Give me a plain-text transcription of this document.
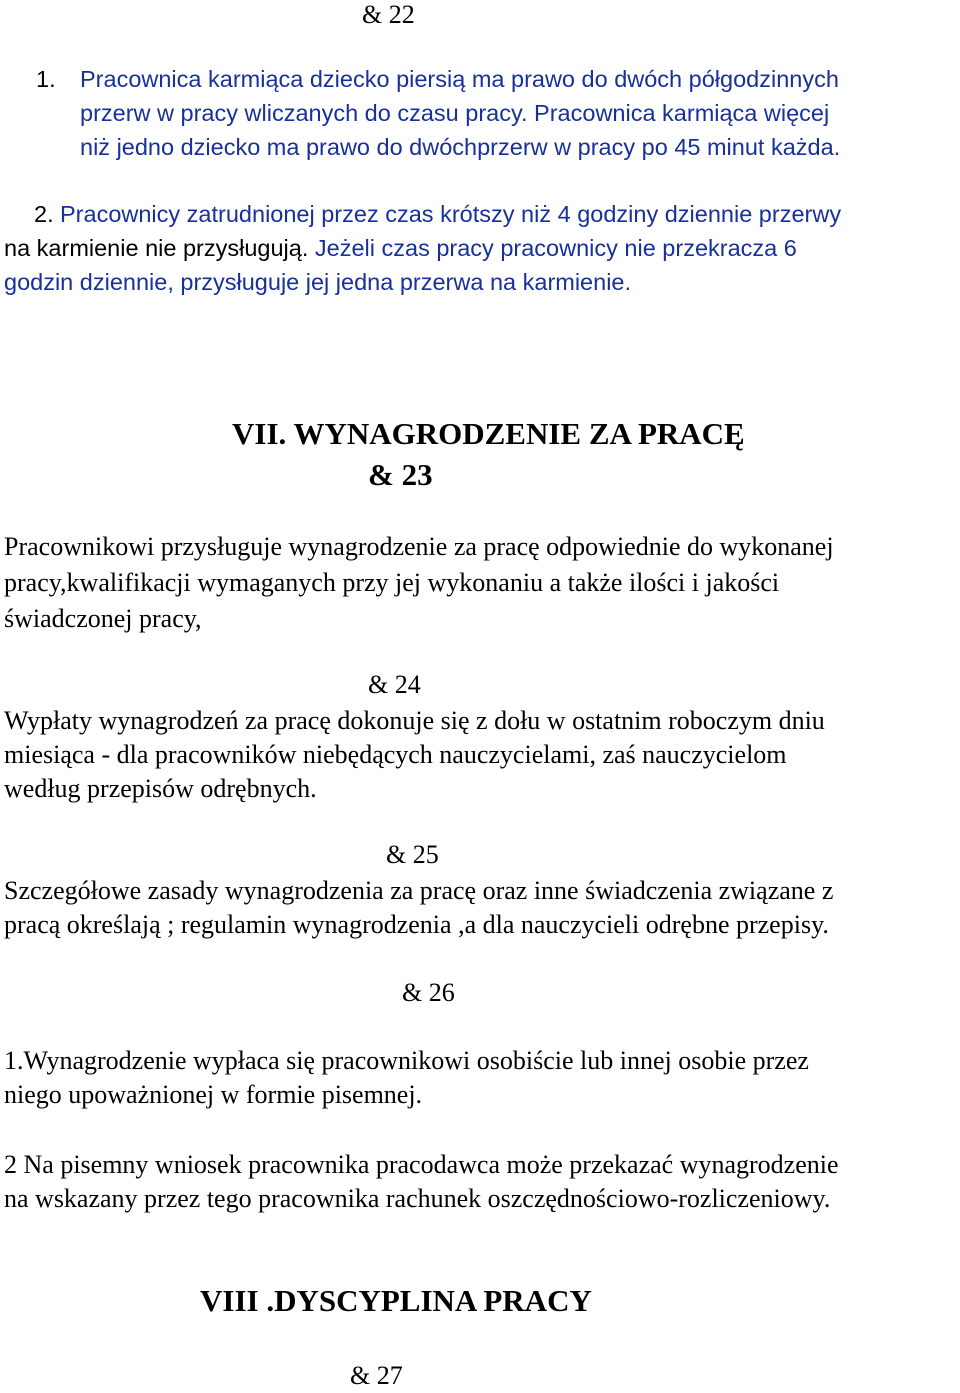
& 22
1. Pracownica karmiąca dziecko piersią ma prawo do dwóch półgodzinnych
przerw w pracy wliczanych do czasu pracy. Pracownica karmiąca więcej
niż jedno dziecko ma prawo do dwóchprzerw w pracy po 45 minut każda.
2. Pracownicy zatrudnionej przez czas krótszy niż 4 godziny dziennie przerwy
na karmienie nie przysługują. Jeżeli czas pracy pracownicy nie przekracza 6
godzin dziennie, przysługuje jej jedna przerwa na karmienie.
VII. WYNAGRODZENIE ZA PRACĘ
& 23
Pracownikowi przysługuje wynagrodzenie za pracę odpowiednie do wykonanej
pracy,kwalifikacji wymaganych przy jej wykonaniu a także ilości i jakości
świadczonej pracy,
& 24
Wypłaty wynagrodzeń za pracę dokonuje się z dołu w ostatnim roboczym dniu
miesiąca - dla pracowników niebędących nauczycielami, zaś nauczycielom
według przepisów odrębnych.
& 25
Szczegółowe zasady wynagrodzenia za pracę oraz inne świadczenia związane z
pracą określają ; regulamin wynagrodzenia ,a dla nauczycieli odrębne przepisy.
& 26
1.Wynagrodzenie wypłaca się pracownikowi osobiście lub innej osobie przez
niego upoważnionej w formie pisemnej.
2 Na pisemny wniosek pracownika pracodawca może przekazać wynagrodzenie
na wskazany przez tego pracownika rachunek oszczędnościowo-rozliczeniowy.
VIII .DYSCYPLINA PRACY
& 27
